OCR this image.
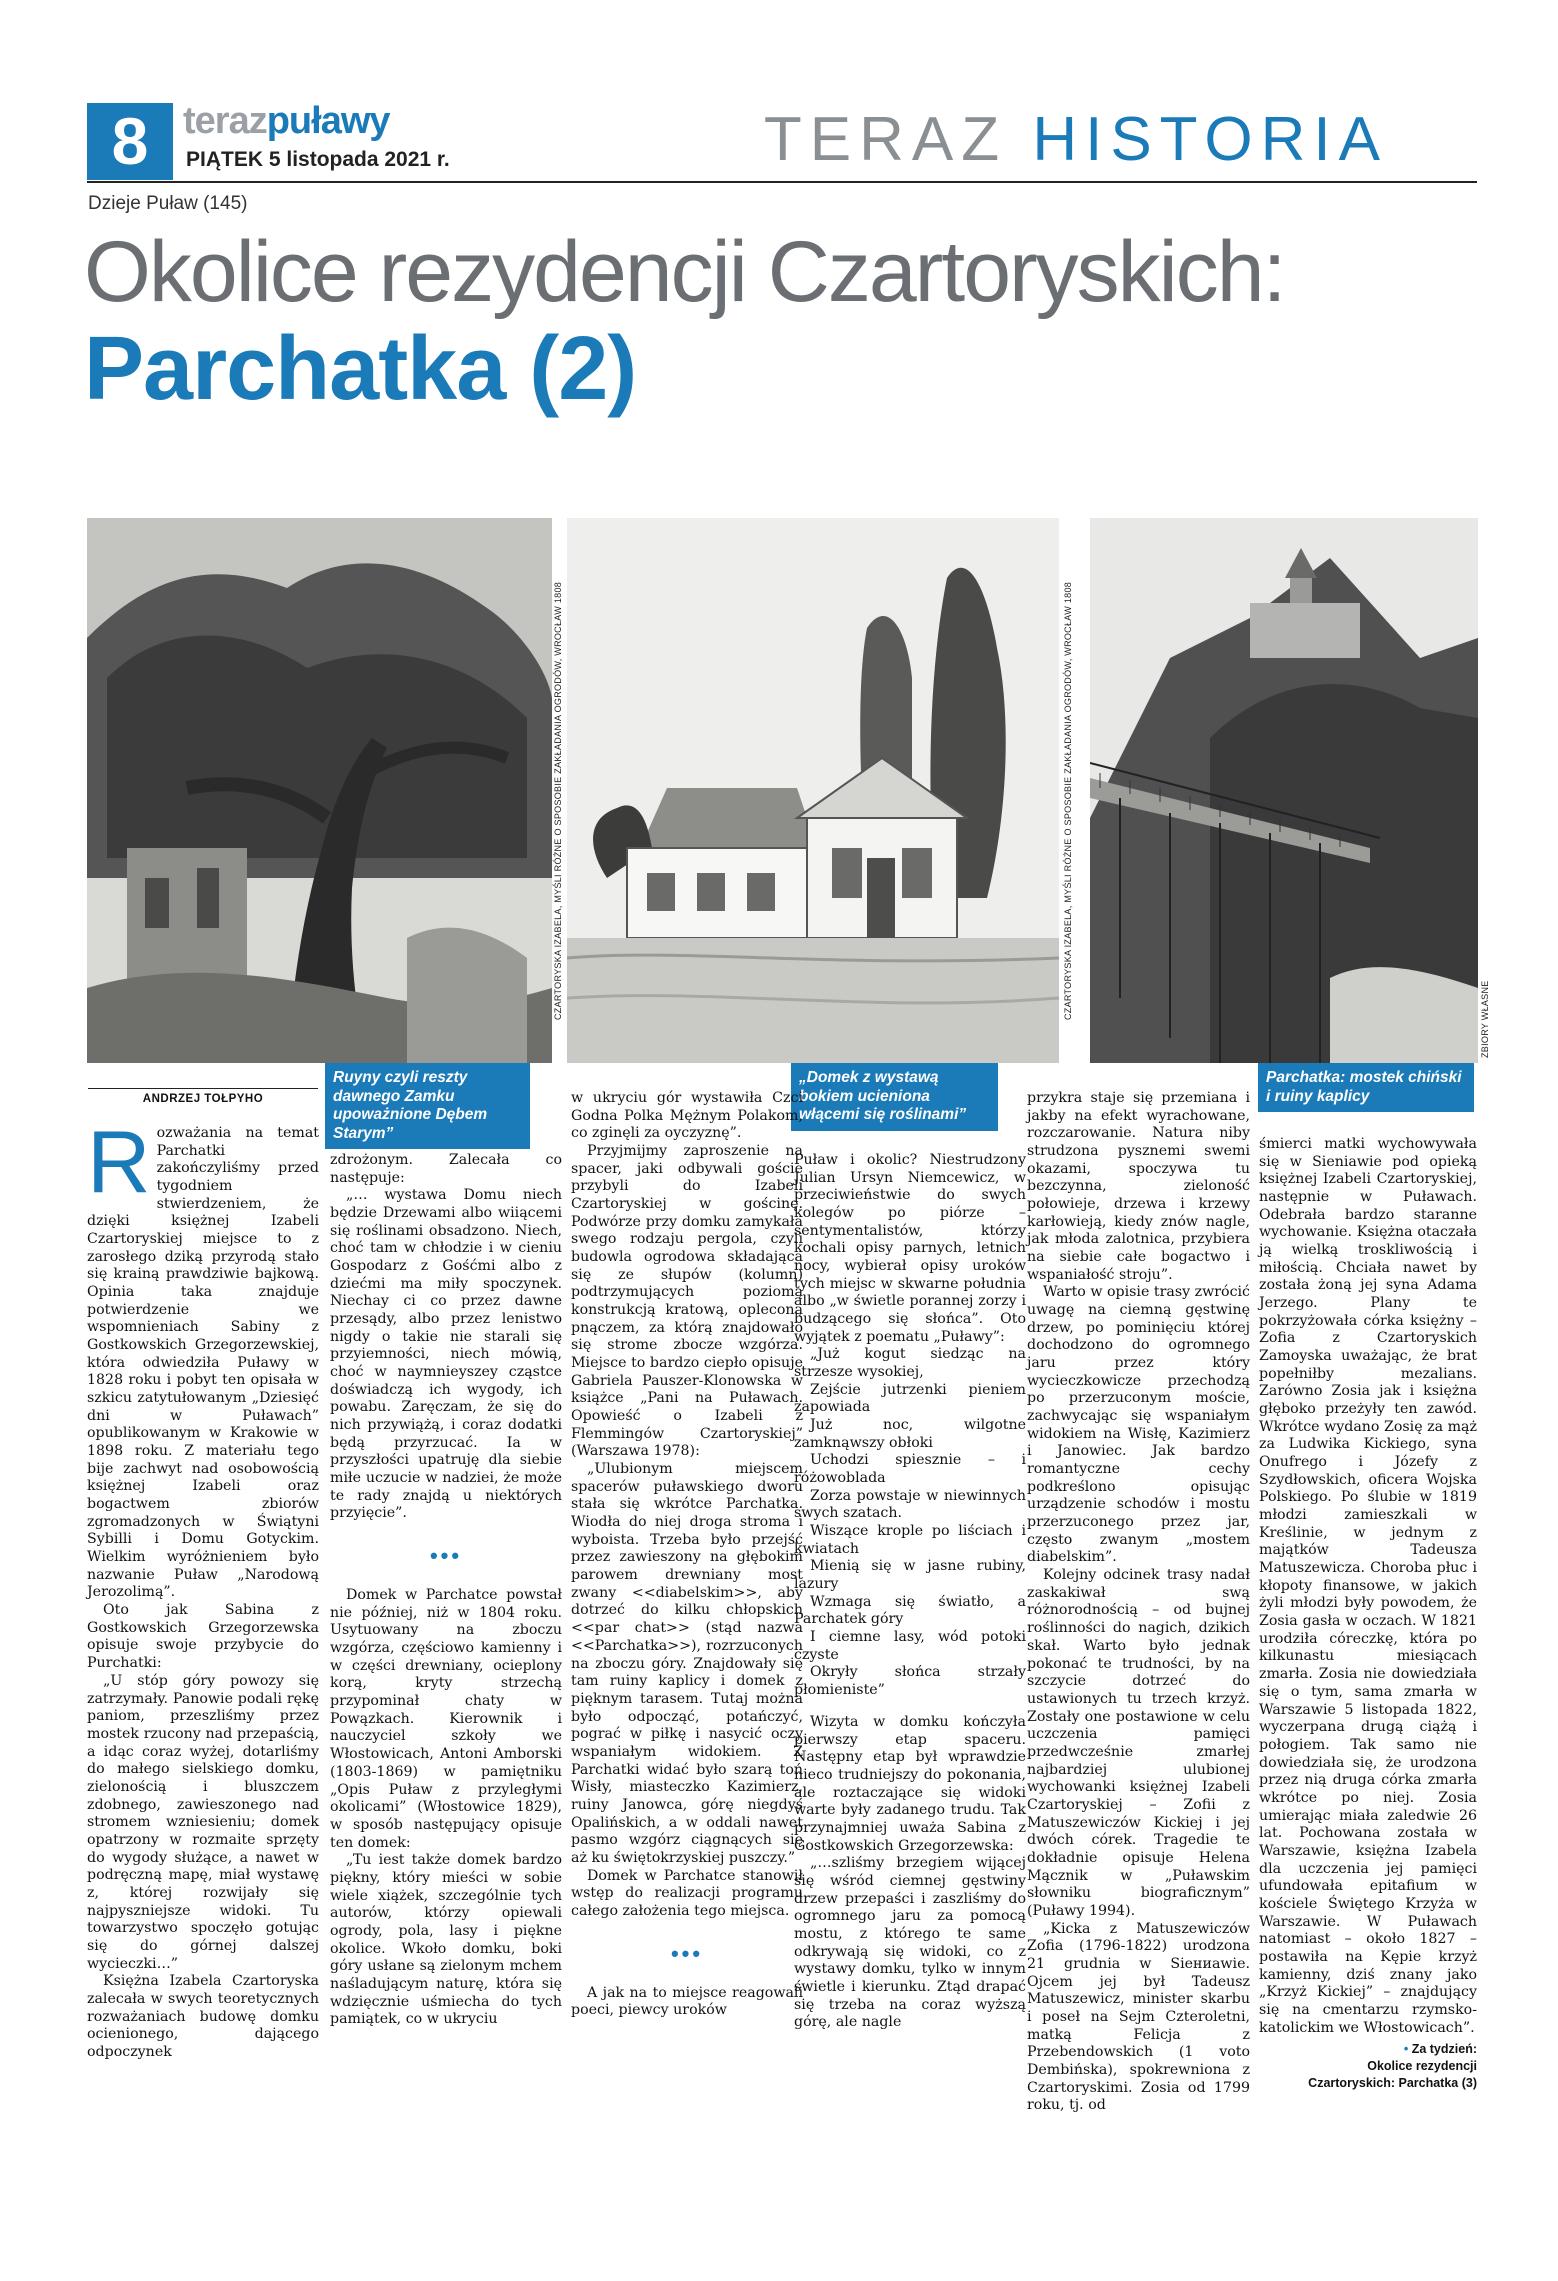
8 terazpuławy
PIĄTEK 5 listopada 2021 r.	TERAZ HISTORIA
Dzieje Puław (145)
Okolice rezydencji Czartoryskich:
Parchatka (2)
CZARTORYSKA IZABELA, MYŚLI RÓŻNE O SPOSOBIE ZAKŁADANIA OGRODÓW, WROCŁAW 1808	CZARTORYSKA IZABELA, MYŚLI RÓŻNE O SPOSOBIE ZAKŁADANIA OGRODÓW, WROCŁAW 1808	ZBIORY WŁASNE
Ruyny czyli reszty dawnego Zamku upoważnione Dębem Starym”
„Domek z wystawą bokiem ucieniona włącemi się roślinami”
Parchatka: mostek chiński i ruiny kaplicy
ANDRZEJ TOŁPYHO

Rozważania na temat Parchatki zakończyliśmy przed tygodniem stwierdzeniem, że dzięki księżnej Izabeli Czartoryskiej miejsce to z zarosłego dziką przyrodą stało się krainą prawdziwie bajkową. Opinia taka znajduje potwierdzenie we wspomnieniach Sabiny z Gostkowskich Grzegorzewskiej, która odwiedziła Puławy w 1828 roku i pobyt ten opisała w szkicu zatytułowanym „Dziesięć dni w Puławach” opublikowanym w Krakowie w 1898 roku. Z materiału tego bije zachwyt nad osobowością księżnej Izabeli oraz bogactwem zbiorów zgromadzonych w Świątyni Sybilli i Domu Gotyckim. Wielkim wyróżnieniem było nazwanie Puław „Narodową Jerozolimą”.

Oto jak Sabina z Gostkowskich Grzegorzewska opisuje swoje przybycie do Purchatki:

„U stóp góry powozy się zatrzymały. Panowie podali rękę paniom, przeszliśmy przez mostek rzucony nad przepaścią, a idąc coraz wyżej, dotarliśmy do małego sielskiego domku, zielonością i bluszczem zdobnego, zawieszonego nad stromem wzniesieniu; domek opatrzony w rozmaite sprzęty do wygody służące, a nawet w podręczną mapę, miał wystawę z, której rozwijały się najpyszniejsze widoki. Tu towarzystwo spoczęło gotując się do górnej dalszej wycieczki…”

Księżna Izabela Czartoryska zalecała w swych teoretycznych rozważaniach budowę domku ocienionego, dającego odpoczynek

zdrożonym. Zalecała co następuje:

„… wystawa Domu niech będzie Drzewami albo wiiącemi się roślinami obsadzono. Niech, choć tam w chłodzie i w cieniu Gospodarz z Gośćmi albo z dziećmi ma miły spoczynek. Niechay ci co przez dawne przesądy, albo przez lenistwo nigdy o takie nie starali się przyiemności, niech mówią, choć w naymnieyszey cząstce doświadczą ich wygody, ich powabu. Zaręczam, że się do nich przywiążą, i coraz dodatki będą przyrzucać. Ia w przyszłości upatruję dla siebie miłe uczucie w nadziei, że może te rady znajdą u niektórych przyięcie”.

•••

Domek w Parchatce powstał nie później, niż w 1804 roku. Usytuowany na zboczu wzgórza, częściowo kamienny i w części drewniany, ocieplony korą, kryty strzechą przypominał chaty w Powązkach. Kierownik i nauczyciel szkoły we Włostowicach, Antoni Amborski (1803-1869) w pamiętniku „Opis Puław z przyległymi okolicami” (Włostowice 1829), w sposób następujący opisuje ten domek:

„Tu iest także domek bardzo piękny, który mieści w sobie wiele xiążek, szczególnie tych autorów, którzy opiewali ogrody, pola, lasy i piękne okolice. Wkoło domku, boki góry usłane są zielonym mchem naśladującym naturę, która się wdzięcznie uśmiecha do tych pamiątek, co w ukryciu

w ukryciu gór wystawiła Czci Godna Polka Mężnym Polakom, co zginęli za oyczyznę”.

Przyjmijmy zaproszenie na spacer, jaki odbywali goście przybyli do Izabeli Czartoryskiej w gościnę. Podwórze przy domku zamykała swego rodzaju pergola, czyli budowla ogrodowa składająca się ze słupów (kolumn) podtrzymujących poziomą konstrukcją kratową, opleconą pnączem, za którą znajdowało się strome zbocze wzgórza. Miejsce to bardzo ciepło opisuje Gabriela Pauszer-Klonowska w książce „Pani na Puławach. Opowieść o Izabeli z Flemmingów Czartoryskiej” (Warszawa 1978):

„Ulubionym miejscem spacerów puławskiego dworu stała się wkrótce Parchatka. Wiodła do niej droga stroma i wyboista. Trzeba było przejść przez zawieszony na głębokim parowem drewniany most zwany <<diabelskim>>, aby dotrzeć do kilku chłopskich <<par chat>> (stąd nazwa <<Parchatka>>), rozrzuconych na zboczu góry. Znajdowały się tam ruiny kaplicy i domek z pięknym tarasem. Tutaj można było odpocząć, potańczyć, pograć w piłkę i nasycić oczy wspaniałym widokiem. Z Parchatki widać było szarą toń Wisły, miasteczko Kazimierz, ruiny Janowca, górę niegdyś Opalińskich, a w oddali nawet pasmo wzgórz ciągnących się aż ku świętokrzyskiej puszczy.”

Domek w Parchatce stanowił wstęp do realizacji programu całego założenia tego miejsca.

•••

A jak na to miejsce reagowali poeci, piewcy uroków

Puław i okolic? Niestrudzony Julian Ursyn Niemcewicz, w przeciwieństwie do swych kolegów po piórze – sentymentalistów, którzy kochali opisy parnych, letnich nocy, wybierał opisy uroków tych miejsc w skwarne południa albo „w świetle porannej zorzy i budzącego się słońca”. Oto wyjątek z poematu „Puławy”:

„Już kogut siedząc na strzesze wysokiej,

Zejście jutrzenki pieniem zapowiada

Już noc, wilgotne zamknąwszy obłoki

Uchodzi spiesznie – i różowoblada

Zorza powstaje w niewinnych swych szatach.

Wiszące krople po liściach i kwiatach

Mienią się w jasne rubiny, lazury

Wzmaga się światło, a Parchatek góry

I ciemne lasy, wód potoki czyste

Okryły słońca strzały płomieniste”

Wizyta w domku kończyła pierwszy etap spaceru. Następny etap był wprawdzie nieco trudniejszy do pokonania, ale roztaczające się widoki warte były zadanego trudu. Tak przynajmniej uważa Sabina z Gostkowskich Grzegorzewska:

„…szliśmy brzegiem wijącej się wśród ciemnej gęstwiny drzew przepaści i zaszliśmy do ogromnego jaru za pomocą mostu, z którego te same odkrywają się widoki, co z wystawy domku, tylko w innym świetle i kierunku. Ztąd drapać się trzeba na coraz wyższą górę, ale nagle

przykra staje się przemiana i jakby na efekt wyrachowane, rozczarowanie. Natura niby strudzona pysznemi swemi okazami, spoczywa tu bezczynna, zieloność połowieje, drzewa i krzewy karłowieją, kiedy znów nagle, jak młoda zalotnica, przybiera na siebie całe bogactwo i wspaniałość stroju”.

Warto w opisie trasy zwrócić uwagę na ciemną gęstwinę drzew, po pominięciu której dochodzono do ogromnego jaru przez który wycieczkowicze przechodzą po przerzuconym moście, zachwycając się wspaniałym widokiem na Wisłę, Kazimierz i Janowiec. Jak bardzo romantyczne cechy podkreślono opisując urządzenie schodów i mostu przerzuconego przez jar, często zwanym „mostem diabelskim”.

Kolejny odcinek trasy nadał zaskakiwał swą różnorodnością – od bujnej roślinności do nagich, dzikich skał. Warto było jednak pokonać te trudności, by na szczycie dotrzeć do ustawionych tu trzech krzyż. Zostały one postawione w celu uczczenia pamięci przedwcześnie zmarłej najbardziej ulubionej wychowanki księżnej Izabeli Czartoryskiej – Zofii z Matuszewiczów Kickiej i jej dwóch córek. Tragedie te dokładnie opisuje Helena Mącznik w „Puławskim słowniku biograficznym” (Puławy 1994).

„Kicka z Matuszewiczów Zofia (1796-1822) urodzona 21 grudnia w Siениawie. Ojcem jej był Tadeusz Matuszewicz, minister skarbu i poseł na Sejm Czteroletni, matką Felicja z Przebendowskich (1 voto Dembińska), spokrewniona z Czartoryskimi. Zosia od 1799 roku, tj. od

śmierci matki wychowywała się w Sieniawie pod opieką księżnej Izabeli Czartoryskiej, następnie w Puławach. Odebrała bardzo staranne wychowanie. Księżna otaczała ją wielką troskliwością i miłością. Chciała nawet by została żoną jej syna Adama Jerzego. Plany te pokrzyżowała córka księżny – Zofia z Czartoryskich Zamoyska uważając, że brat popełniłby mezalians. Zarówno Zosia jak i księżna głęboko przeżyły ten zawód. Wkrótce wydano Zosię za mąż za Ludwika Kickiego, syna Onufrego i Józefy z Szydłowskich, oficera Wojska Polskiego. Po ślubie w 1819 młodzi zamieszkali w Kreślinie, w jednym z majątków Tadeusza Matuszewicza. Choroba płuc i kłopoty finansowe, w jakich żyli młodzi były powodem, że Zosia gasła w oczach. W 1821 urodziła córeczkę, która po kilkunastu miesiącach zmarła. Zosia nie dowiedziała się o tym, sama zmarła w Warszawie 5 listopada 1822, wyczerpana drugą ciążą i połogiem. Tak samo nie dowiedziała się, że urodzona przez nią druga córka zmarła wkrótce po niej. Zosia umierając miała zaledwie 26 lat. Pochowana została w Warszawie, księżna Izabela dla uczczenia jej pamięci ufundowała epitafium w kościele Świętego Krzyża w Warszawie. W Puławach natomiast – około 1827 – postawiła na Kępie krzyż kamienny, dziś znany jako „Krzyż Kickiej” – znajdujący się na cmentarzu rzymsko-katolickim we Włostowicach”.

• Za tydzień:
Okolice rezydencji
Czartoryskich: Parchatka (3)
